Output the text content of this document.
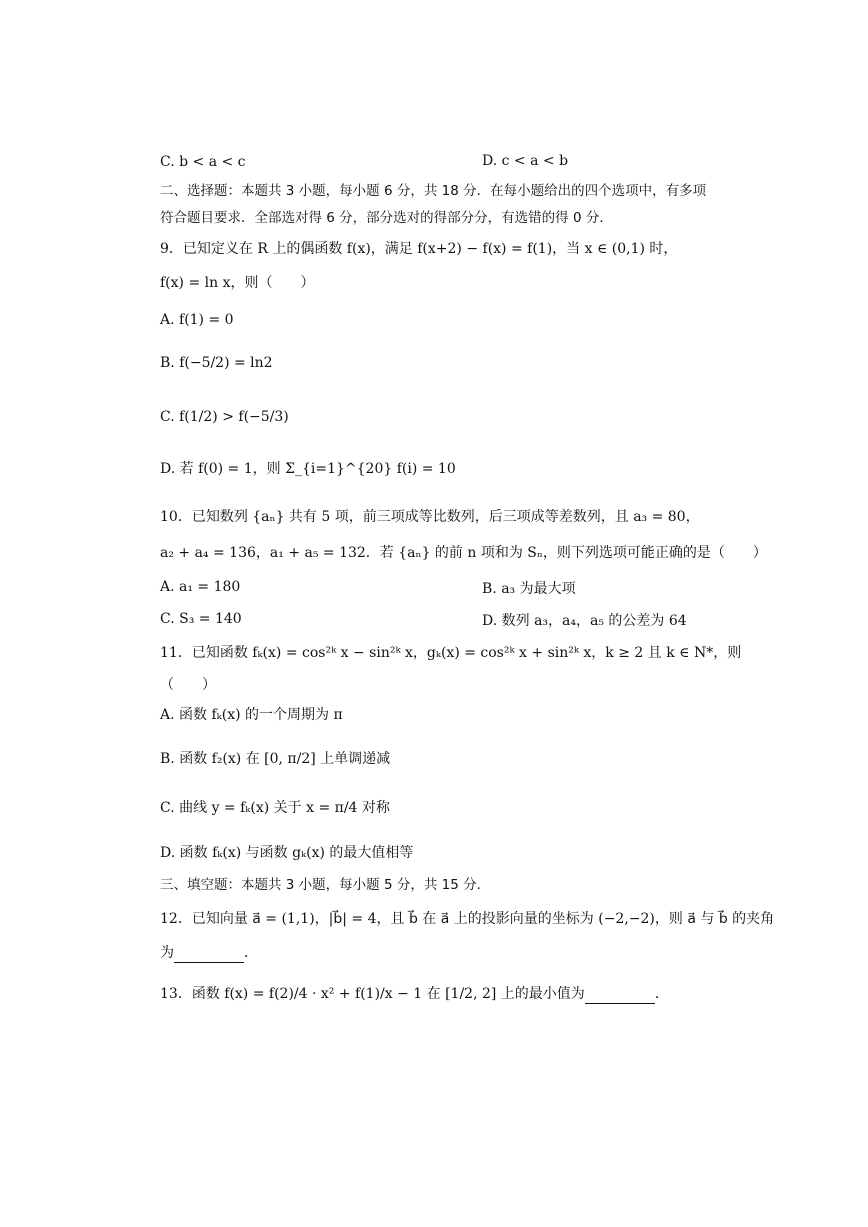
C. b < a < c	D. c < a < b
二、选择题：本题共 3 小题，每小题 6 分，共 18 分．在每小题给出的四个选项中，有多项
符合题目要求．全部选对得 6 分，部分选对的得部分分，有选错的得 0 分．
9．已知定义在 R 上的偶函数 f(x)，满足 f(x+2) − f(x) = f(1)，当 x ∈ (0,1) 时，
f(x) = ln x，则（　　）
A. f(1) = 0
B. f(−5/2) = ln2
C. f(1/2) > f(−5/3)
D. 若 f(0) = 1，则 Σ_{i=1}^{20} f(i) = 10
10．已知数列 {aₙ} 共有 5 项，前三项成等比数列，后三项成等差数列，且 a₃ = 80，
a₂ + a₄ = 136，a₁ + a₅ = 132．若 {aₙ} 的前 n 项和为 Sₙ，则下列选项可能正确的是（　　）
A. a₁ = 180	B. a₃ 为最大项
C. S₃ = 140	D. 数列 a₃，a₄，a₅ 的公差为 64
11．已知函数 fₖ(x) = cos²ᵏ x − sin²ᵏ x，gₖ(x) = cos²ᵏ x + sin²ᵏ x，k ≥ 2 且 k ∈ N*，则
（　　）
A. 函数 fₖ(x) 的一个周期为 π
B. 函数 f₂(x) 在 [0, π/2] 上单调递减
C. 曲线 y = fₖ(x) 关于 x = π/4 对称
D. 函数 fₖ(x) 与函数 gₖ(x) 的最大值相等
三、填空题：本题共 3 小题，每小题 5 分，共 15 分．
12．已知向量 a⃗ = (1,1)，|b⃗| = 4，且 b⃗ 在 a⃗ 上的投影向量的坐标为 (−2,−2)，则 a⃗ 与 b⃗ 的夹角
为	．
13．函数 f(x) = f(2)/4 · x² + f(1)/x − 1 在 [1/2, 2] 上的最小值为	．
